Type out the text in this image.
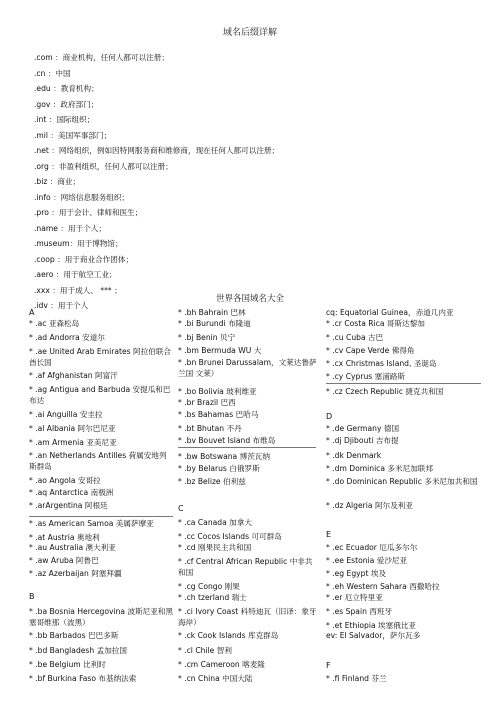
域名后缀详解
.com ：商业机构，任何人都可以注册；
.cn ：中国
.edu ：教育机构；
.gov ：政府部门；
.int ：国际组织；
.mil ：美国军事部门；
.net ：网络组织，例如因特网服务商和维修商，现在任何人都可以注册；
.org ：非盈利组织，任何人都可以注册；
.biz ：商业；
.info ：网络信息服务组织；
.pro ：用于会计、律师和医生；
.name ：用于个人；
.museum：用于博物馆；
.coop ：用于商业合作团体；
.aero ：用于航空工业；
.xxx ：用于成人、 *** ；
.idv ：用于个人
世界各国域名大全
A
* .ac 亚森松岛
* .ad Andorra 安道尔
* .ae United Arab Emirates 阿拉伯联合酋长国
* .af Afghanistan 阿富汗
* .ag Antigua and Barbuda 安提瓜和巴布达
* .ai Anguilla 安圭拉
* .al Albania 阿尔巴尼亚
* .am Armenia 亚美尼亚
* .an Netherlands Antilles 荷属安地列斯群岛
* .ao Angola 安哥拉
* .aq Antarctica 南极洲
* .arArgentina 阿根廷
* .as American Samoa 美属萨摩亚
* .at Austria 奥地利
* .au Australia 澳大利亚
* .aw Aruba 阿鲁巴
* .az Azerbaijan 阿塞拜疆
B
* .ba Bosnia Hercegovina 波斯尼亚和黑塞哥维那（波黑）
* .bb Barbados 巴巴多斯
* .bd Bangladesh 孟加拉国
* .be Belgium 比利时
* .bf Burkina Faso 布基纳法索
* .bh Bahrain 巴林
* .bi Burundi 布隆迪
* .bj Benin 贝宁
* .bm Bermuda WU 大
* .bn Brunei Darussalam，文莱达鲁萨兰国 文莱）
* .bo Bolivia 玻利维亚
* .br Brazil 巴西
* .bs Bahamas 巴哈马
* .bt Bhutan 不丹
* .bv Bouvet Island 布维岛
* .bw Botswana 博茨瓦纳
* .by Belarus 白俄罗斯
* .bz Belize 伯利兹
C
* .ca Canada 加拿大
* .cc Cocos Islands 可可群岛
* .cd 刚果民主共和国
* .cf Central African Republic 中非共和国
* .cg Congo 刚果
* .ch tzerland 瑞士
* .ci Ivory Coast 科特迪瓦（旧译：象牙海岸）
* .ck Cook Islands 库克群岛
* .cl Chile 智利
* .cm Cameroon 喀麦隆
* .cn China 中国大陆
cq: Equatorial Guinea，赤道几内亚
* .cr Costa Rica 哥斯达黎加
* .cu Cuba 古巴
* .cv Cape Verde 佛得角
* .cx Christmas Island, 圣诞岛
* .cy Cyprus 塞浦路斯
* .cz Czech Republic 捷克共和国
D
* .de Germany 德国
* .dj Djibouti 吉布提
* .dk Denmark
* .dm Dominica 多米尼加联邦
* .do Dominican Republic 多米尼加共和国
* .dz Algeria 阿尔及利亚
E
* .ec Ecuador 厄瓜多尔尔
* .ee Estonia 爱沙尼亚
* .eg Egypt 埃及
* .eh Western Sahara 西撒哈拉
* .er 厄立特里亚
* .es Spain 西班牙
* .et Ethiopia 埃塞俄比亚
ev: El Salvador，萨尔瓦多
F
* .fi Finland 芬兰
